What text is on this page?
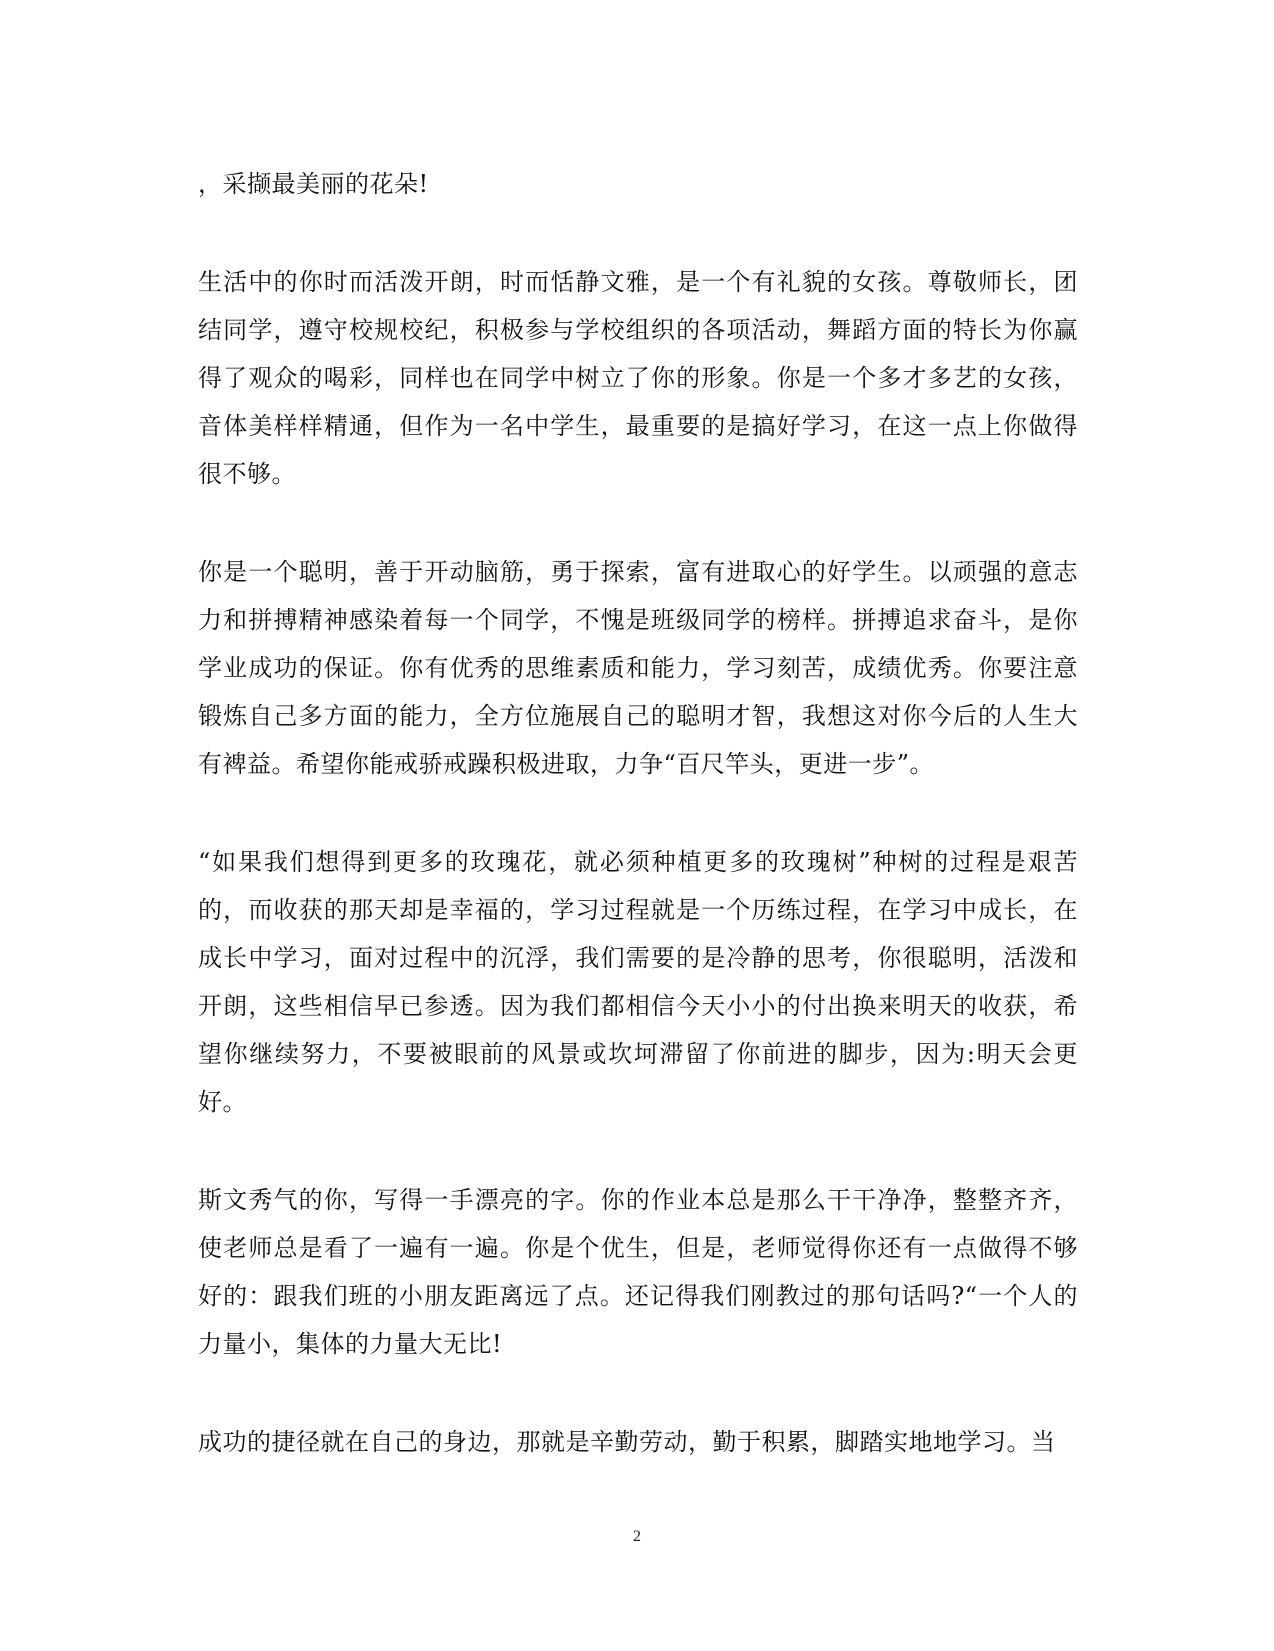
，采撷最美丽的花朵!

生活中的你时而活泼开朗，时而恬静文雅，是一个有礼貌的女孩。尊敬师长，团结同学，遵守校规校纪，积极参与学校组织的各项活动，舞蹈方面的特长为你赢得了观众的喝彩，同样也在同学中树立了你的形象。你是一个多才多艺的女孩，音体美样样精通，但作为一名中学生，最重要的是搞好学习，在这一点上你做得很不够。

你是一个聪明，善于开动脑筋，勇于探索，富有进取心的好学生。以顽强的意志力和拼搏精神感染着每一个同学，不愧是班级同学的榜样。拼搏追求奋斗，是你学业成功的保证。你有优秀的思维素质和能力，学习刻苦，成绩优秀。你要注意锻炼自己多方面的能力，全方位施展自己的聪明才智，我想这对你今后的人生大有裨益。希望你能戒骄戒躁积极进取，力争“百尺竿头，更进一步”。

“如果我们想得到更多的玫瑰花，就必须种植更多的玫瑰树”种树的过程是艰苦的，而收获的那天却是幸福的，学习过程就是一个历练过程，在学习中成长，在成长中学习，面对过程中的沉浮，我们需要的是冷静的思考，你很聪明，活泼和开朗，这些相信早已参透。因为我们都相信今天小小的付出换来明天的收获，希望你继续努力，不要被眼前的风景或坎坷滞留了你前进的脚步，因为:明天会更好。

斯文秀气的你，写得一手漂亮的字。你的作业本总是那么干干净净，整整齐齐，使老师总是看了一遍有一遍。你是个优生，但是，老师觉得你还有一点做得不够好的：跟我们班的小朋友距离远了点。还记得我们刚教过的那句话吗?“一个人的力量小，集体的力量大无比!

成功的捷径就在自己的身边，那就是辛勤劳动，勤于积累，脚踏实地地学习。当

2
